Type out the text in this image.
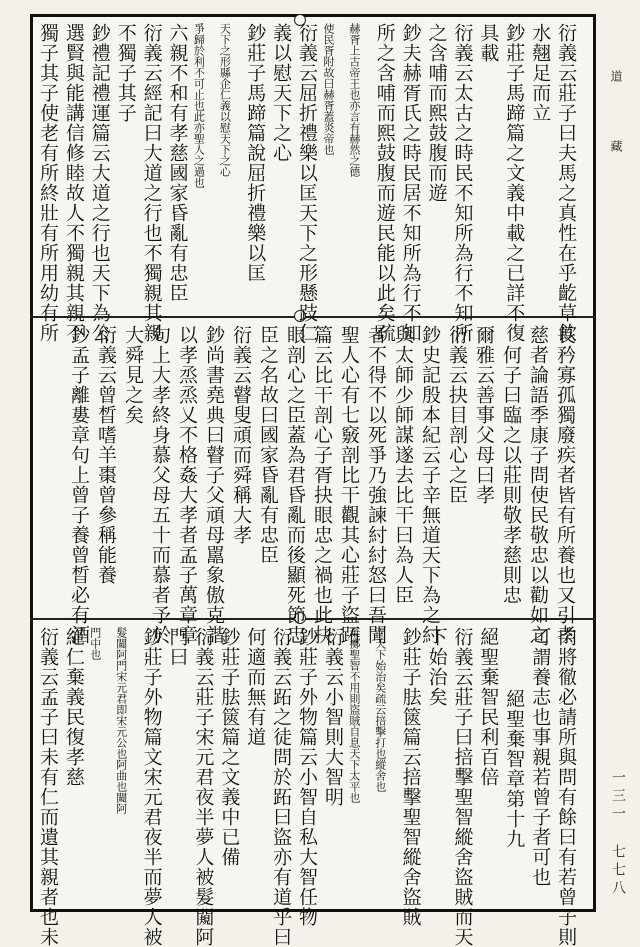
衍義云莊子曰夫馬之真性在乎齕草飲
水翹足而立
鈔莊子馬蹄篇之文義中載之已詳不復
具載
衍義云太古之時民不知所為行不知所
之含哺而熙鼓腹而遊
鈔夫赫胥氏之時民居不知所為行不知
所之含哺而熙鼓腹而遊民能以此矣疏
赫胥上古帝王也亦言有赫然之德
使民胥附故曰赫胥蓋炎帝也
衍義云屈折禮樂以匡天下之形懸跂仁
義以慰天下之心
鈔莊子馬蹄篇說屈折禮樂以匡
天下之形縣企仁義以慰天下之心
爭歸於利不可止也此亦聖人之過也
六親不和有孝慈國家昏亂有忠臣
衍義云經記曰大道之行也不獨親其親
不獨子其子
鈔禮記禮運篇云大道之行也天下為公
選賢與能講信修睦故人不獨親其親不
獨子其子使老有所終壯有所用幼有所
長矜寡孤獨廢疾者皆有所養也又引孝
慈者論語季康子問使民敬忠以勸如之
何子曰臨之以莊則敬孝慈則忠
爾雅云善事父母曰孝
衍義云抉目剖心之臣
鈔史記殷本紀云子辛無道天下為之紂
與太師少師謀遂去比干曰為人臣
者不得不以死爭乃強諫紂紂怒曰吾聞
聖人心有七竅剖比干觀其心莊子盜跖
篇云比干剖心子胥抉眼忠之禍也此抉
眼剖心之臣蓋為君昏亂而後顯死節忠
臣之名故曰國家昏亂有忠臣
衍義云瞽叟頑而舜稱大孝
鈔尚書堯典曰瞽子父頑母嚚象傲克諧
以孝烝烝乂不格姦大孝者孟子萬章章
句上大孝終身慕父母五十而慕者予於
大舜見之矣
衍義云曾晳嗜羊棗曾參稱能養
鈔孟子離婁章句上曾子養曾晳必有酒
肉將徹必請所與問有餘曰有若曾子則
可謂養志也事親若曾子者可也
絕聖棄智章第十九
絕聖棄智民利百倍
衍義云莊子曰掊擊聖智縱舍盜賊而天
下始治矣
鈔莊子胠篋篇云掊擊聖智縱舍盜賊
而天下始治矣疏云掊擊打也縱舍也
棄擲聖智不用則盜賊自息天下太平也
衍義云小智則大智明
鈔莊子外物篇云小智自私大智任物
衍義云跖之徒問於跖曰盜亦有道乎曰
何適而無有道
鈔莊子胠篋篇之文義中已備
衍義云莊子宋元君夜半夢人被髮闚阿
門曰
鈔莊子外物篇文宋元君夜半而夢人被
髮闚阿門宋元君即宋元公也阿曲也闚阿
門中也
絕仁棄義民復孝慈
衍義云孟子曰未有仁而遺其親者也未
道 藏
一三一 七七八
